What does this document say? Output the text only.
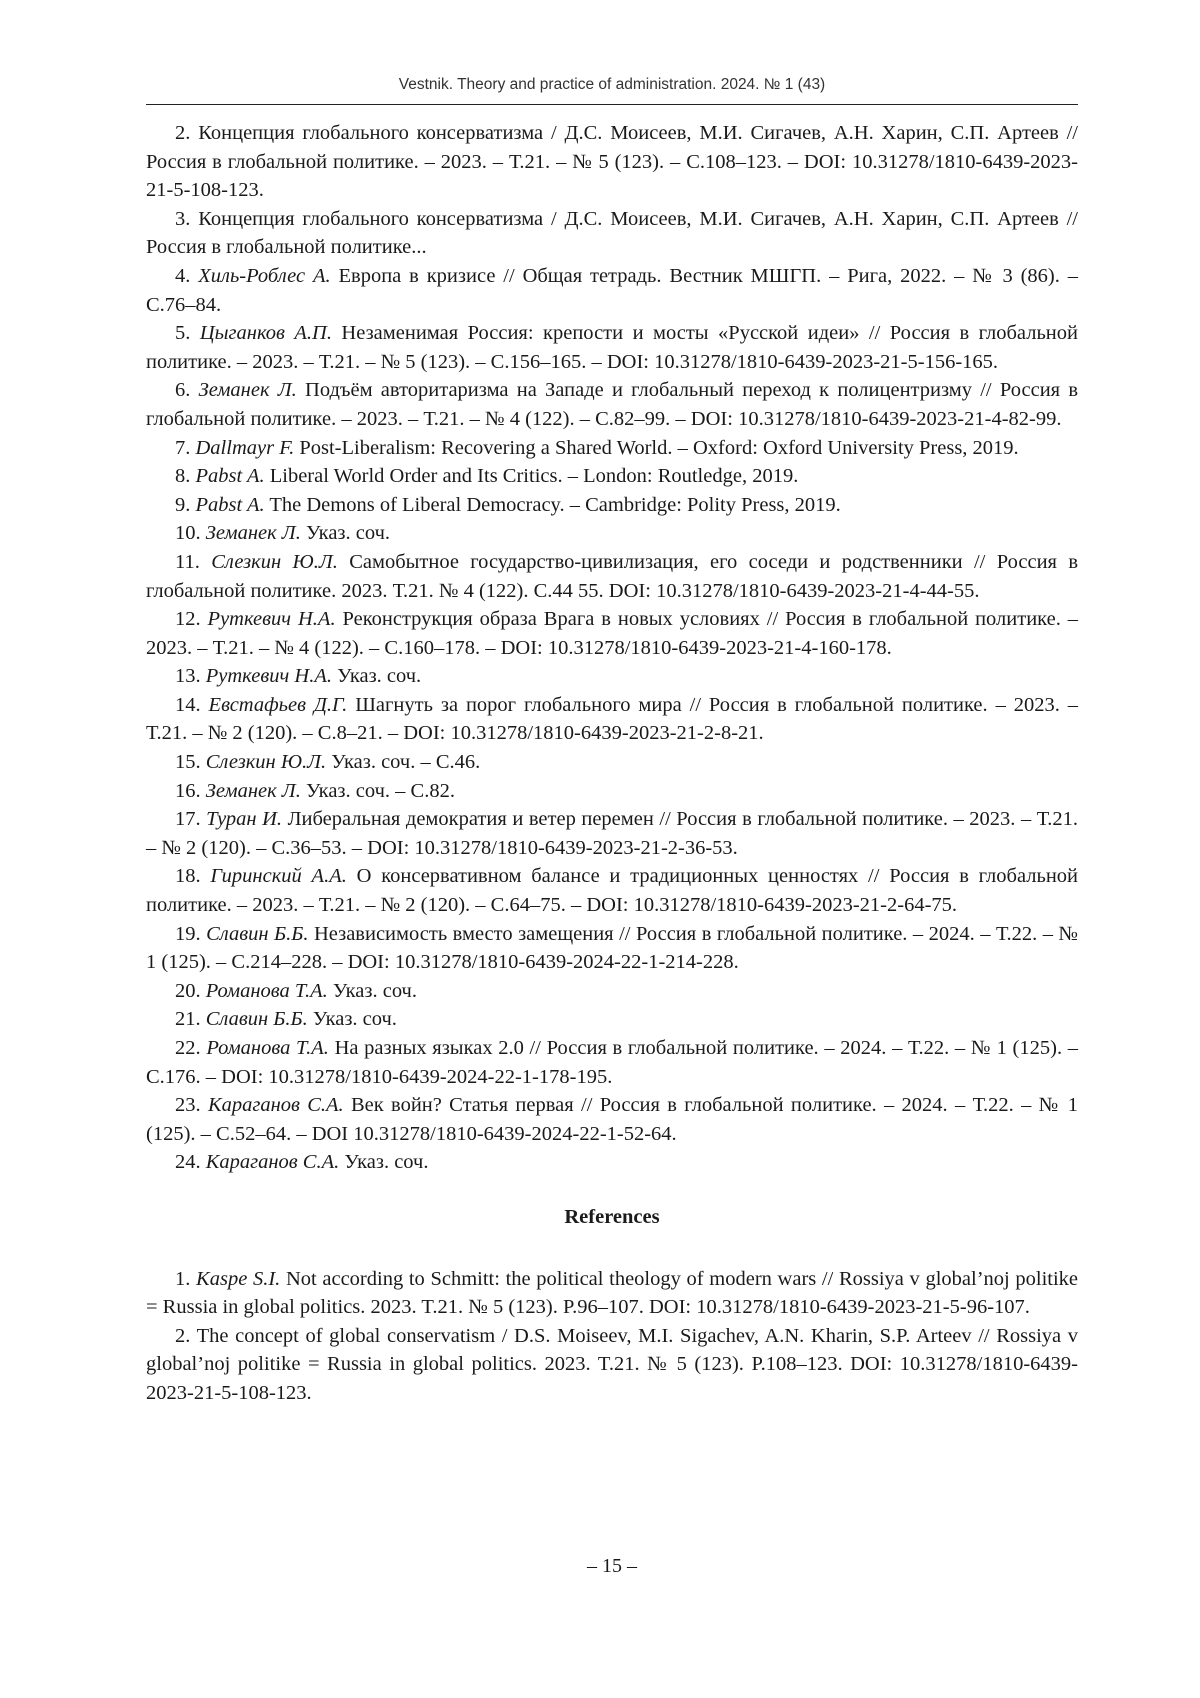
Vestnik. Theory and practice of administration. 2024. № 1 (43)

2. Концепция глобального консерватизма / Д.С. Моисеев, М.И. Сигачев, А.Н. Харин, С.П. Артеев // Россия в глобальной политике. – 2023. – Т.21. – № 5 (123). – С.108–123. – DOI: 10.31278/1810-6439-2023-21-5-108-123.

3. Концепция глобального консерватизма / Д.С. Моисеев, М.И. Сигачев, А.Н. Харин, С.П. Артеев // Россия в глобальной политике...

4. Хиль-Роблес А. Европа в кризисе // Общая тетрадь. Вестник МШГП. – Рига, 2022. – № 3 (86). – С.76–84.

5. Цыганков А.П. Незаменимая Россия: крепости и мосты «Русской идеи» // Россия в глобальной политике. – 2023. – Т.21. – № 5 (123). – С.156–165. – DOI: 10.31278/1810-6439-2023-21-5-156-165.

6. Земанек Л. Подъём авторитаризма на Западе и глобальный переход к полицентризму // Россия в глобальной политике. – 2023. – Т.21. – № 4 (122). – С.82–99. – DOI: 10.31278/1810-6439-2023-21-4-82-99.

7. Dallmayr F. Post-Liberalism: Recovering a Shared World. – Oxford: Oxford University Press, 2019.

8. Pabst A. Liberal World Order and Its Critics. – London: Routledge, 2019.

9. Pabst A. The Demons of Liberal Democracy. – Cambridge: Polity Press, 2019.

10. Земанек Л. Указ. соч.

11. Слезкин Ю.Л. Самобытное государство-цивилизация, его соседи и родственники // Россия в глобальной политике. 2023. Т.21. № 4 (122). С.44 55. DOI: 10.31278/1810-6439-2023-21-4-44-55.

12. Руткевич Н.А. Реконструкция образа Врага в новых условиях // Россия в глобальной политике. – 2023. – Т.21. – № 4 (122). – С.160–178. – DOI: 10.31278/1810-6439-2023-21-4-160-178.

13. Руткевич Н.А. Указ. соч.

14. Евстафьев Д.Г. Шагнуть за порог глобального мира // Россия в глобальной политике. – 2023. – Т.21. – № 2 (120). – С.8–21. – DOI: 10.31278/1810-6439-2023-21-2-8-21.

15. Слезкин Ю.Л. Указ. соч. – С.46.

16. Земанек Л. Указ. соч. – С.82.

17. Туран И. Либеральная демократия и ветер перемен // Россия в глобальной политике. – 2023. – Т.21. – № 2 (120). – С.36–53. – DOI: 10.31278/1810-6439-2023-21-2-36-53.

18. Гиринский А.А. О консервативном балансе и традиционных ценностях // Россия в глобальной политике. – 2023. – Т.21. – № 2 (120). – С.64–75. – DOI: 10.31278/1810-6439-2023-21-2-64-75.

19. Славин Б.Б. Независимость вместо замещения // Россия в глобальной политике. – 2024. – Т.22. – № 1 (125). – С.214–228. – DOI: 10.31278/1810-6439-2024-22-1-214-228.

20. Романова Т.А. Указ. соч.

21. Славин Б.Б. Указ. соч.

22. Романова Т.А. На разных языках 2.0 // Россия в глобальной политике. – 2024. – Т.22. – № 1 (125). – С.176. – DOI: 10.31278/1810-6439-2024-22-1-178-195.

23. Караганов С.А. Век войн? Статья первая // Россия в глобальной политике. – 2024. – Т.22. – № 1 (125). – С.52–64. – DOI 10.31278/1810-6439-2024-22-1-52-64.

24. Караганов С.А. Указ. соч.

References

1. Kaspe S.I. Not according to Schmitt: the political theology of modern wars // Rossiya v global’noj politike = Russia in global politics. 2023. T.21. № 5 (123). P.96–107. DOI: 10.31278/1810-6439-2023-21-5-96-107.

2. The concept of global conservatism / D.S. Moiseev, M.I. Sigachev, A.N. Kharin, S.P. Arteev // Rossiya v global’noj politike = Russia in global politics. 2023. T.21. № 5 (123). P.108–123. DOI: 10.31278/1810-6439-2023-21-5-108-123.

– 15 –
